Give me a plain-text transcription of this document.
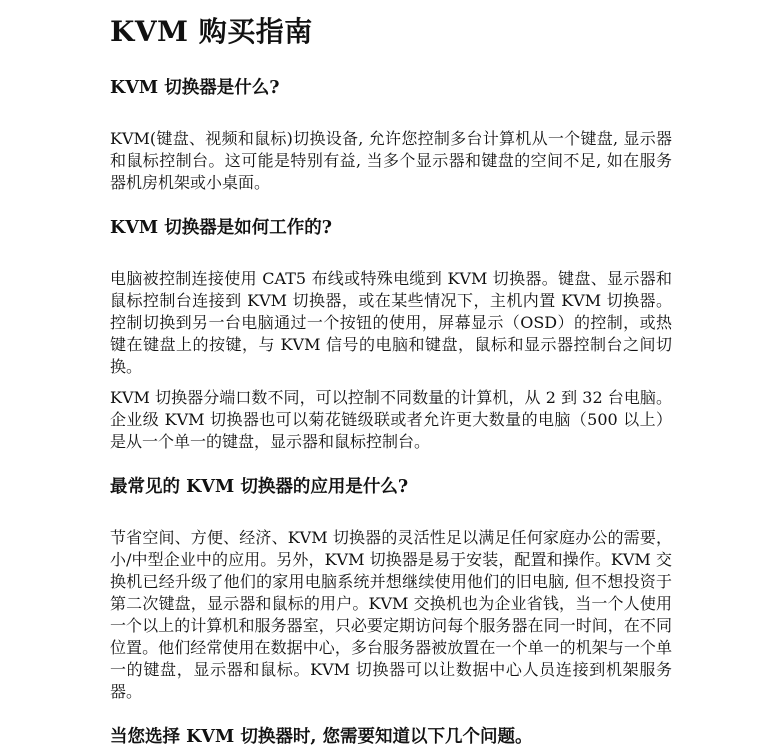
KVM 购买指南
KVM 切换器是什么?

KVM(键盘、视频和鼠标)切换设备, 允许您控制多台计算机从一个键盘, 显示器和鼠标控制台。这可能是特别有益, 当多个显示器和键盘的空间不足, 如在服务器机房机架或小桌面。

KVM 切换器是如何工作的?

电脑被控制连接使用 CAT5 布线或特殊电缆到 KVM 切换器。键盘、显示器和鼠标控制台连接到 KVM 切换器，或在某些情况下，主机内置 KVM 切换器。控制切换到另一台电脑通过一个按钮的使用，屏幕显示（OSD）的控制，或热键在键盘上的按键，与 KVM 信号的电脑和键盘，鼠标和显示器控制台之间切换。

KVM 切换器分端口数不同，可以控制不同数量的计算机，从 2 到 32 台电脑。企业级 KVM 切换器也可以菊花链级联或者允许更大数量的电脑（500 以上）是从一个单一的键盘，显示器和鼠标控制台。

最常见的 KVM 切换器的应用是什么?

节省空间、方便、经济、KVM 切换器的灵活性足以满足任何家庭办公的需要，小/中型企业中的应用。另外，KVM 切换器是易于安装，配置和操作。KVM 交换机已经升级了他们的家用电脑系统并想继续使用他们的旧电脑, 但不想投资于第二次键盘，显示器和鼠标的用户。KVM 交换机也为企业省钱，当一个人使用一个以上的计算机和服务器室，只必要定期访问每个服务器在同一时间，在不同位置。他们经常使用在数据中心，多台服务器被放置在一个单一的机架与一个单一的键盘，显示器和鼠标。KVM 切换器可以让数据中心人员连接到机架服务器。

当您选择 KVM 切换器时, 您需要知道以下几个问题。
